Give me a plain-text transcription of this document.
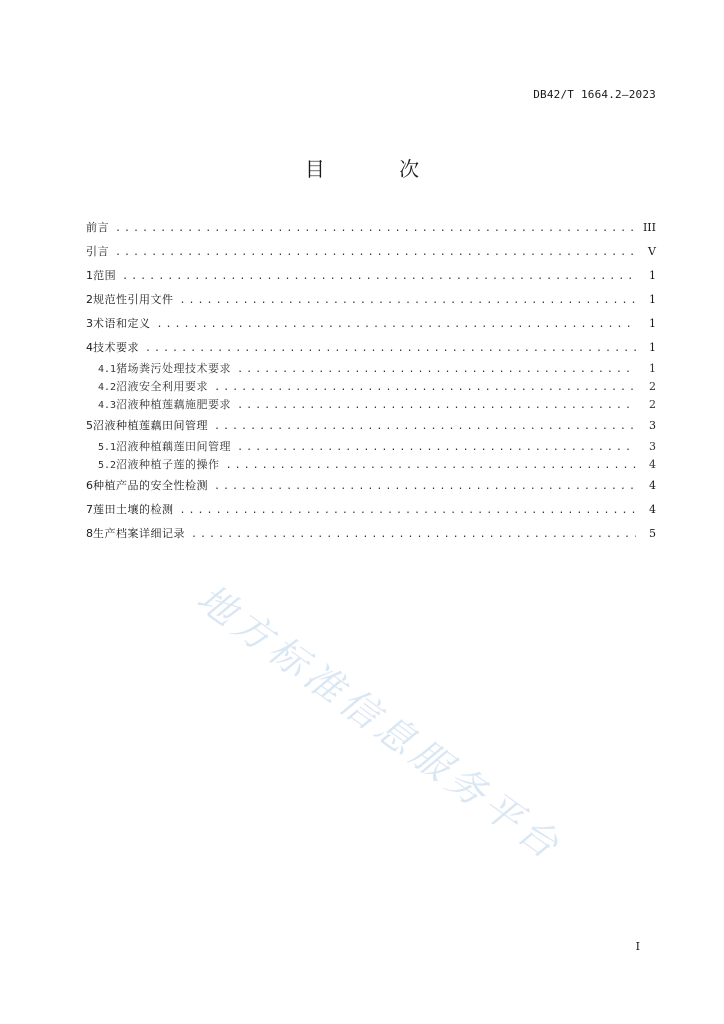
DB42/T 1664.2—2023
目 次
前言 .....	III
引言 .....	V
1 范围 .....	1
2 规范性引用文件 .....	1
3 术语和定义 .....	1
4 技术要求 .....	1
4.1 猪场粪污处理技术要求 .....	1
4.2 沼液安全利用要求 .....	2
4.3 沼液种植莲藕施肥要求 .....	2
5 沼液种植莲藕田间管理 .....	3
5.1 沼液种植藕莲田间管理 .....	3
5.2 沼液种植子莲的操作 .....	4
6 种植产品的安全性检测 .....	4
7 莲田土壤的检测 .....	4
8 生产档案详细记录 .....	5
地方标准信息服务平台
I
